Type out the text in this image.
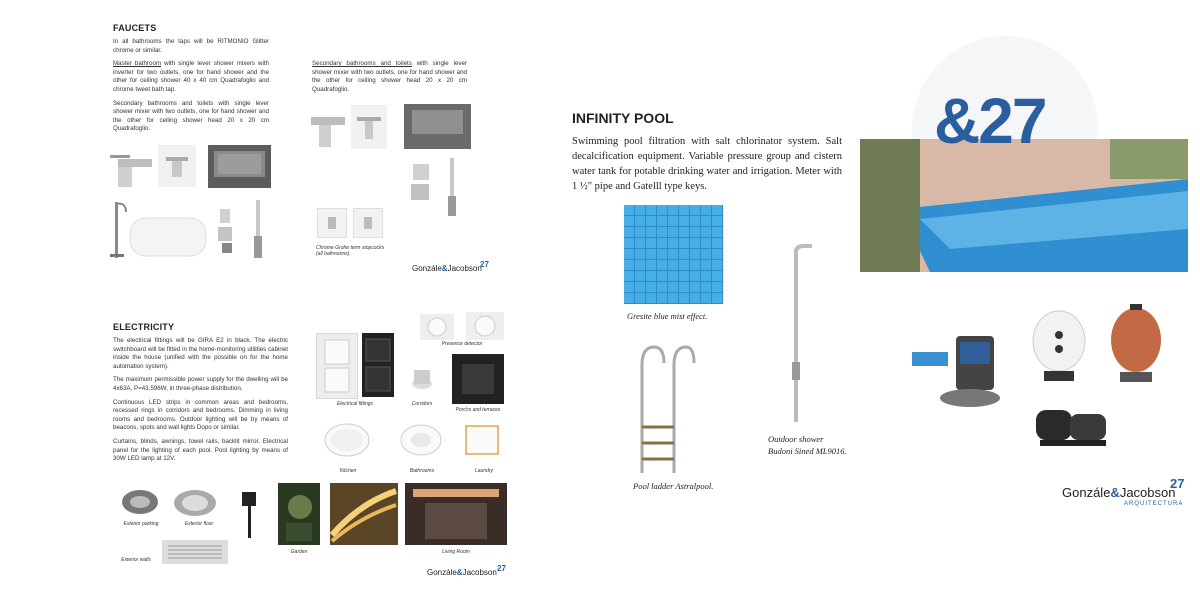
FAUCETS

In all bathrooms the taps will be RITMONIO Glitter chrome or similar.

Master bathroom with single lever shower mixers with inverter for two outlets, one for hand shower and the other for ceiling shower 40 x 40 cm Quadrafoglio and chrome tweet bath tap.

Secondary bathrooms and toilets with single lever shower mixer with two outlets, one for hand shower and the other for ceiling shower head 20 x 20 cm Quadrafoglio.

Secondary bathrooms and toilets with single lever shower mixer with two outlets, one for hand shower and the other for ceiling shower head 20 x 20 cm Quadrafoglio.

Chrome Grohe term stopcocks (all bathrooms).
Gonzále&Jacobson
27
ELECTRICITY

The electrical fittings will be GIRA E2 in black. The electric switchboard will be fitted in the home-monitoring utilities cabinet inside the house (unified with the possible on for the home automation system).

The maximum permissible power supply for the dwelling will be 4x63A, P=43,596W, in three-phase distribution.

Continuous LED strips in common areas and bedrooms, recessed rings in corridors and bedrooms. Dimming in living rooms and bedrooms. Outdoor lighting will be by means of beacons, spots and wall lights Dopo or similar.

Curtains, blinds, awnings, towel rails, backlit mirror. Electrical panel for the lighting of each pool. Pool lighting by means of 30W LED lamp at 12V.

Electrical fittings
Presence detector
Corridors
Porchs and terraces
Kitchen	Bathrooms	Laundry
Exterior parking	Exterior floor
Exterior walls
Garden	Living Room
Gonzále&Jacobson 27
&27
INFINITY POOL
Swimming pool filtration with salt chlorinator system. Salt decalcification equipment. Variable pressure group and cistern water tank for potable drinking water and irrigation. Meter with 1 ½" pipe and Gatelll type keys.
Gresite blue mist effect.
Pool ladder Astralpool.
Outdoor shower
Budoni Sined ML9016.
Gonzále&Jacobson
27
ARQUITECTURA
